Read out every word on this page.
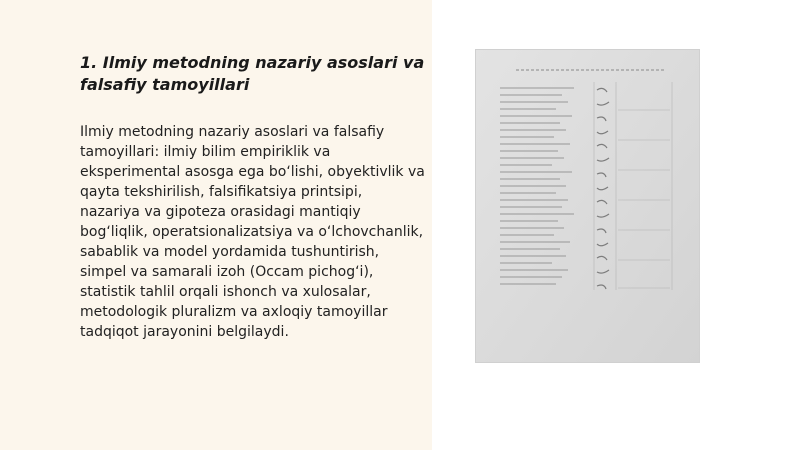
1. Ilmiy metodning nazariy asoslari va falsafiy tamoyillari

Ilmiy metodning nazariy asoslari va falsafiy tamoyillari: ilmiy bilim empiriklik va eksperimental asosga ega bo‘lishi, obyektivlik va qayta tekshirilish, falsifikatsiya printsipi, nazariya va gipoteza orasidagi mantiqiy bog‘liqlik, operatsionalizatsiya va o‘lchovchanlik, sabablik va model yordamida tushuntirish, simpel va samarali izoh (Occam pichog‘i), statistik tahlil orqali ishonch va xulosalar, metodologik pluralizm va axloqiy tamoyillar tadqiqot jarayonini belgilaydi.
